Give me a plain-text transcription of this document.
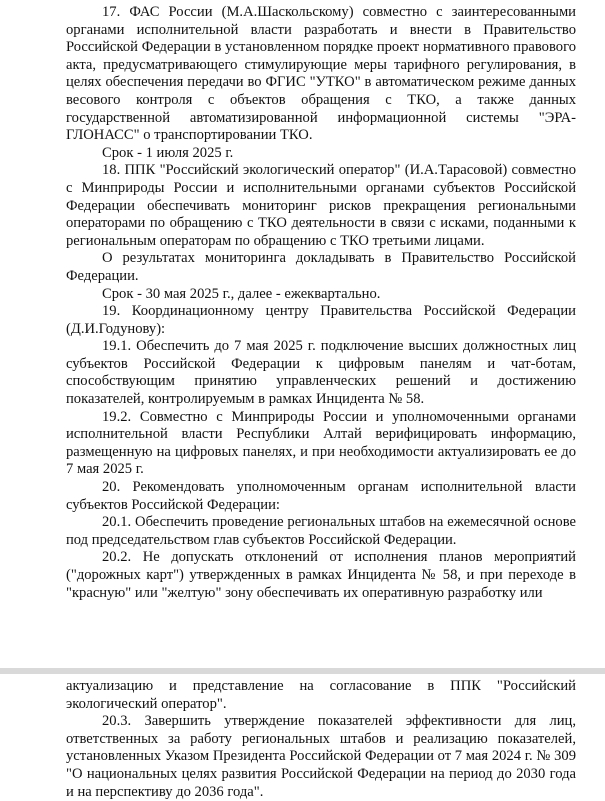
17. ФАС России (М.А.Шаскольскому) совместно с заинтересованными органами исполнительной власти разработать и внести в Правительство Российской Федерации в установленном порядке проект нормативного правового акта, предусматривающего стимулирующие меры тарифного регулирования, в целях обеспечения передачи во ФГИС "УТКО" в автоматическом режиме данных весового контроля с объектов обращения с ТКО, а также данных государственной автоматизированной информационной системы "ЭРА-ГЛОНАСС" о транспортировании ТКО.

Срок - 1 июля 2025 г.

18. ППК "Российский экологический оператор" (И.А.Тарасовой) совместно с Минприроды России и исполнительными органами субъектов Российской Федерации обеспечивать мониторинг рисков прекращения региональными операторами по обращению с ТКО деятельности в связи с исками, поданными к региональным операторам по обращению с ТКО третьими лицами.

О результатах мониторинга докладывать в Правительство Российской Федерации.

Срок - 30 мая 2025 г., далее - ежеквартально.

19. Координационному центру Правительства Российской Федерации (Д.И.Годунову):

19.1. Обеспечить до 7 мая 2025 г. подключение высших должностных лиц субъектов Российской Федерации к цифровым панелям и чат-ботам, способствующим принятию управленческих решений и достижению показателей, контролируемым в рамках Инцидента № 58.

19.2. Совместно с Минприроды России и уполномоченными органами исполнительной власти Республики Алтай верифицировать информацию, размещенную на цифровых панелях, и при необходимости актуализировать ее до 7 мая 2025 г.

20. Рекомендовать уполномоченным органам исполнительной власти субъектов Российской Федерации:

20.1. Обеспечить проведение региональных штабов на ежемесячной основе под председательством глав субъектов Российской Федерации.

20.2. Не допускать отклонений от исполнения планов мероприятий ("дорожных карт") утвержденных в рамках Инцидента № 58, и при переходе в "красную" или "желтую" зону обеспечивать их оперативную разработку или

актуализацию и представление на согласование в ППК "Российский экологический оператор".

20.3. Завершить утверждение показателей эффективности для лиц, ответственных за работу региональных штабов и реализацию показателей, установленных Указом Президента Российской Федерации от 7 мая 2024 г. № 309 "О национальных целях развития Российской Федерации на период до 2030 года и на перспективу до 2036 года".
